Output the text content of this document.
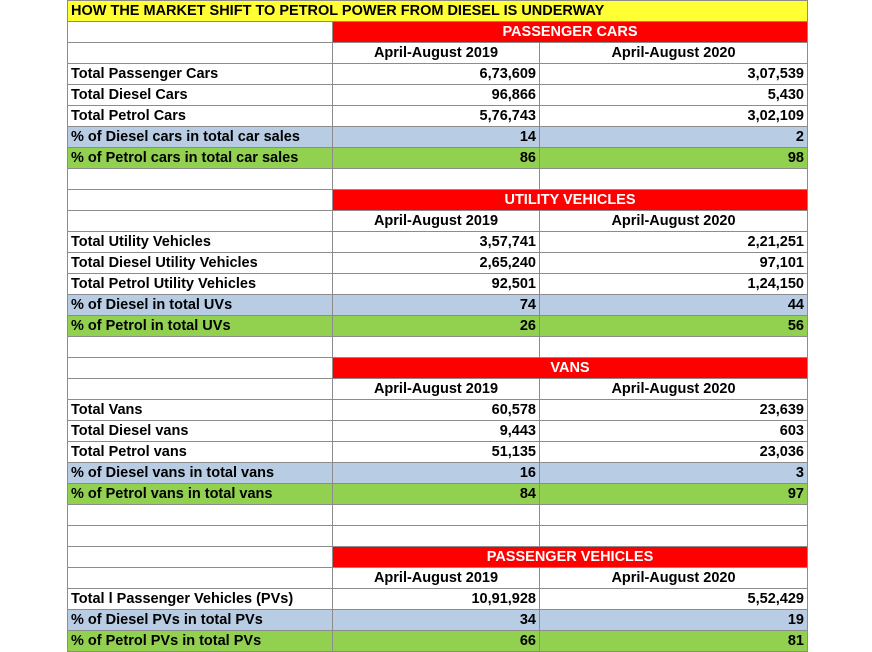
HOW THE MARKET SHIFT TO PETROL POWER FROM DIESEL IS UNDERWAY		
	PASSENGER CARS	
	April-August 2019	April-August 2020
Total Passenger Cars	6,73,609	3,07,539
Total Diesel Cars	96,866	5,430
Total Petrol Cars	5,76,743	3,02,109
% of Diesel cars in total car sales	14	2
% of Petrol cars in total car sales	86	98

	UTILITY VEHICLES	
	April-August 2019	April-August 2020
Total Utility Vehicles	3,57,741	2,21,251
Total Diesel Utility Vehicles	2,65,240	97,101
Total Petrol Utility Vehicles	92,501	1,24,150
% of Diesel in total UVs	74	44
% of Petrol in total UVs	26	56

	VANS	
	April-August 2019	April-August 2020
Total Vans	60,578	23,639
Total Diesel vans	9,443	603
Total Petrol vans	51,135	23,036
% of Diesel vans in total vans	16	3
% of Petrol vans in total vans	84	97

	PASSENGER VEHICLES	
	April-August 2019	April-August 2020
Total l Passenger Vehicles (PVs)	10,91,928	5,52,429
% of Diesel PVs in total PVs	34	19
% of Petrol PVs in total PVs	66	81
